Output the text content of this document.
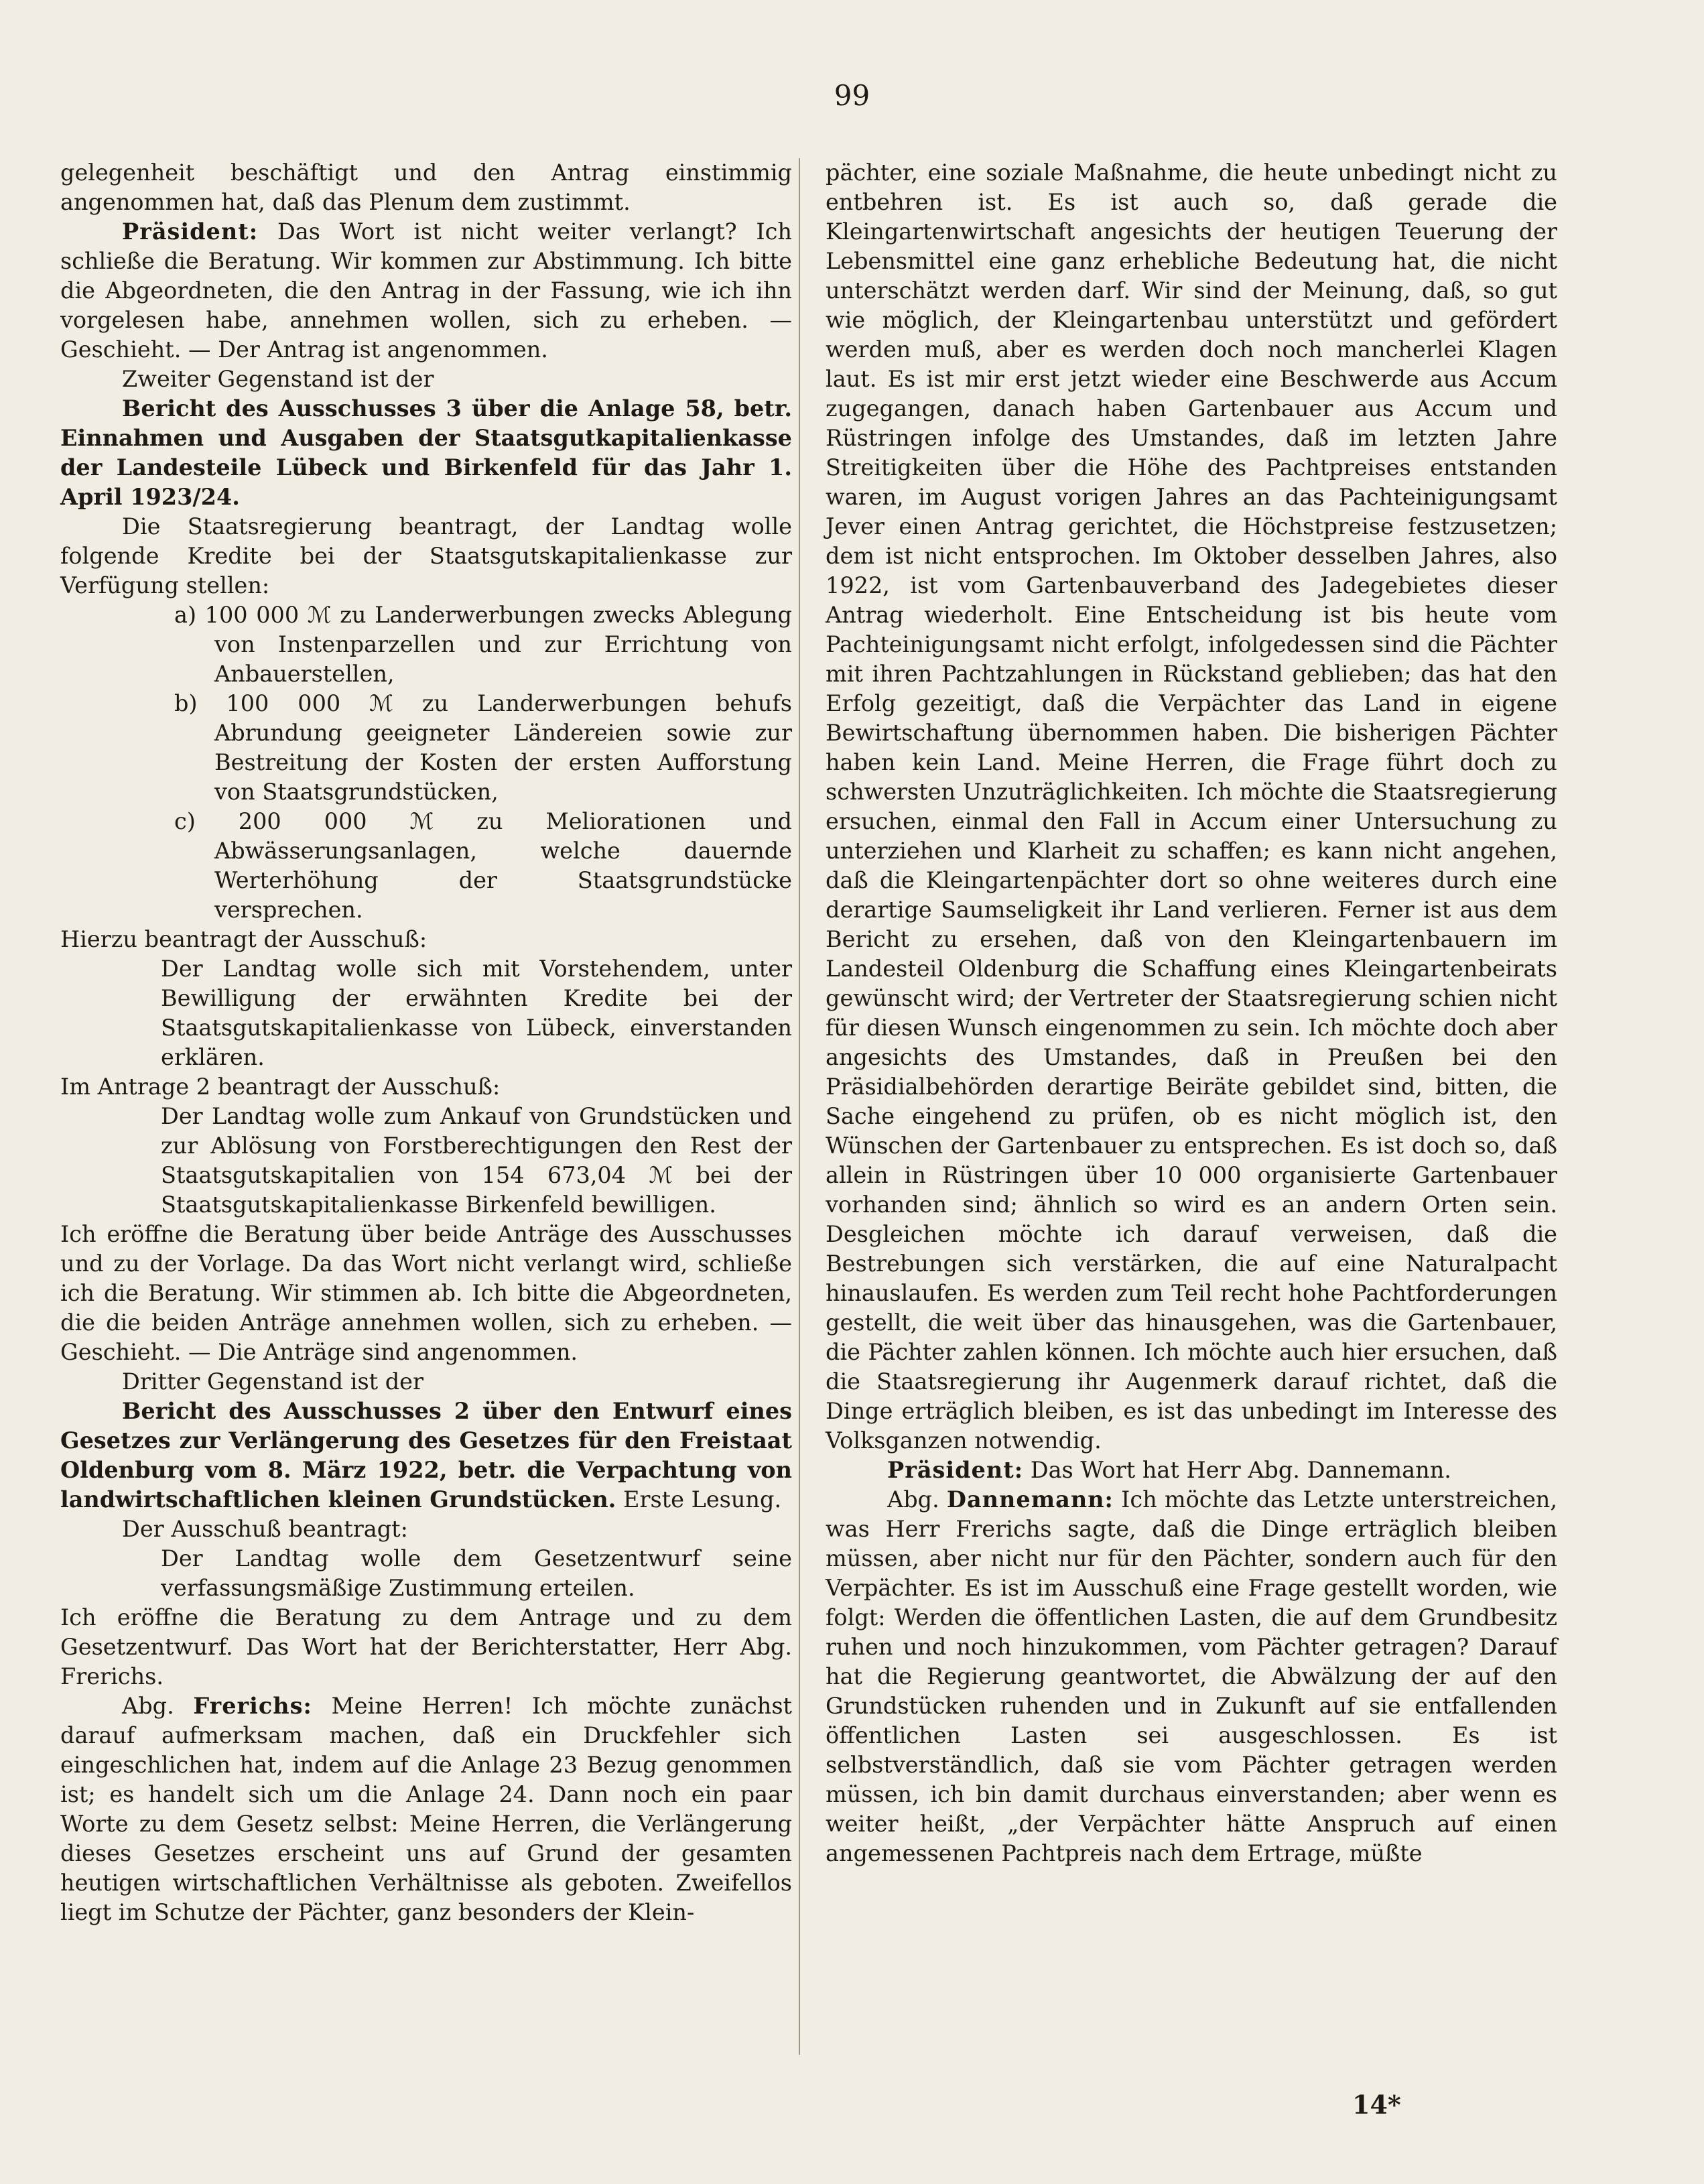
99

gelegenheit beschäftigt und den Antrag einstimmig angenommen hat, daß das Plenum dem zustimmt.

Präsident: Das Wort ist nicht weiter verlangt? Ich schließe die Beratung. Wir kommen zur Abstimmung. Ich bitte die Abgeordneten, die den Antrag in der Fassung, wie ich ihn vorgelesen habe, annehmen wollen, sich zu erheben. — Geschieht. — Der Antrag ist angenommen.

Zweiter Gegenstand ist der

Bericht des Ausschusses 3 über die Anlage 58, betr. Einnahmen und Ausgaben der Staatsgutkapitalienkasse der Landesteile Lübeck und Birkenfeld für das Jahr 1. April 1923/24.

Die Staatsregierung beantragt, der Landtag wolle folgende Kredite bei der Staatsgutskapitalienkasse zur Verfügung stellen:

a) 100 000 ℳ zu Landerwerbungen zwecks Ablegung von Instenparzellen und zur Errichtung von Anbauerstellen,

b) 100 000 ℳ zu Landerwerbungen behufs Abrundung geeigneter Ländereien sowie zur Bestreitung der Kosten der ersten Aufforstung von Staatsgrundstücken,

c) 200 000 ℳ zu Meliorationen und Abwässerungsanlagen, welche dauernde Werterhöhung der Staatsgrundstücke versprechen.

Hierzu beantragt der Ausschuß:

Der Landtag wolle sich mit Vorstehendem, unter Bewilligung der erwähnten Kredite bei der Staatsgutskapitalienkasse von Lübeck, einverstanden erklären.

Im Antrage 2 beantragt der Ausschuß:

Der Landtag wolle zum Ankauf von Grundstücken und zur Ablösung von Forstberechtigungen den Rest der Staatsgutskapitalien von 154 673,04 ℳ bei der Staatsgutskapitalienkasse Birkenfeld bewilligen.

Ich eröffne die Beratung über beide Anträge des Ausschusses und zu der Vorlage. Da das Wort nicht verlangt wird, schließe ich die Beratung. Wir stimmen ab. Ich bitte die Abgeordneten, die die beiden Anträge annehmen wollen, sich zu erheben. — Geschieht. — Die Anträge sind angenommen.

Dritter Gegenstand ist der

Bericht des Ausschusses 2 über den Entwurf eines Gesetzes zur Verlängerung des Gesetzes für den Freistaat Oldenburg vom 8. März 1922, betr. die Verpachtung von landwirtschaftlichen kleinen Grundstücken. Erste Lesung.

Der Ausschuß beantragt:

Der Landtag wolle dem Gesetzentwurf seine verfassungsmäßige Zustimmung erteilen.

Ich eröffne die Beratung zu dem Antrage und zu dem Gesetzentwurf. Das Wort hat der Berichterstatter, Herr Abg. Frerichs.

Abg. Frerichs: Meine Herren! Ich möchte zunächst darauf aufmerksam machen, daß ein Druckfehler sich eingeschlichen hat, indem auf die Anlage 23 Bezug genommen ist; es handelt sich um die Anlage 24. Dann noch ein paar Worte zu dem Gesetz selbst: Meine Herren, die Verlängerung dieses Gesetzes erscheint uns auf Grund der gesamten heutigen wirtschaftlichen Verhältnisse als geboten. Zweifellos liegt im Schutze der Pächter, ganz besonders der Klein-

pächter, eine soziale Maßnahme, die heute unbedingt nicht zu entbehren ist. Es ist auch so, daß gerade die Kleingartenwirtschaft angesichts der heutigen Teuerung der Lebensmittel eine ganz erhebliche Bedeutung hat, die nicht unterschätzt werden darf. Wir sind der Meinung, daß, so gut wie möglich, der Kleingartenbau unterstützt und gefördert werden muß, aber es werden doch noch mancherlei Klagen laut. Es ist mir erst jetzt wieder eine Beschwerde aus Accum zugegangen, danach haben Gartenbauer aus Accum und Rüstringen infolge des Umstandes, daß im letzten Jahre Streitigkeiten über die Höhe des Pachtpreises entstanden waren, im August vorigen Jahres an das Pachteinigungsamt Jever einen Antrag gerichtet, die Höchstpreise festzusetzen; dem ist nicht entsprochen. Im Oktober desselben Jahres, also 1922, ist vom Gartenbauverband des Jadegebietes dieser Antrag wiederholt. Eine Entscheidung ist bis heute vom Pachteinigungsamt nicht erfolgt, infolgedessen sind die Pächter mit ihren Pachtzahlungen in Rückstand geblieben; das hat den Erfolg gezeitigt, daß die Verpächter das Land in eigene Bewirtschaftung übernommen haben. Die bisherigen Pächter haben kein Land. Meine Herren, die Frage führt doch zu schwersten Unzuträglichkeiten. Ich möchte die Staatsregierung ersuchen, einmal den Fall in Accum einer Untersuchung zu unterziehen und Klarheit zu schaffen; es kann nicht angehen, daß die Kleingartenpächter dort so ohne weiteres durch eine derartige Saumseligkeit ihr Land verlieren. Ferner ist aus dem Bericht zu ersehen, daß von den Kleingartenbauern im Landesteil Oldenburg die Schaffung eines Kleingartenbeirats gewünscht wird; der Vertreter der Staatsregierung schien nicht für diesen Wunsch eingenommen zu sein. Ich möchte doch aber angesichts des Umstandes, daß in Preußen bei den Präsidialbehörden derartige Beiräte gebildet sind, bitten, die Sache eingehend zu prüfen, ob es nicht möglich ist, den Wünschen der Gartenbauer zu entsprechen. Es ist doch so, daß allein in Rüstringen über 10 000 organisierte Gartenbauer vorhanden sind; ähnlich so wird es an andern Orten sein. Desgleichen möchte ich darauf verweisen, daß die Bestrebungen sich verstärken, die auf eine Naturalpacht hinauslaufen. Es werden zum Teil recht hohe Pachtforderungen gestellt, die weit über das hinausgehen, was die Gartenbauer, die Pächter zahlen können. Ich möchte auch hier ersuchen, daß die Staatsregierung ihr Augenmerk darauf richtet, daß die Dinge erträglich bleiben, es ist das unbedingt im Interesse des Volksganzen notwendig.

Präsident: Das Wort hat Herr Abg. Dannemann.

Abg. Dannemann: Ich möchte das Letzte unterstreichen, was Herr Frerichs sagte, daß die Dinge erträglich bleiben müssen, aber nicht nur für den Pächter, sondern auch für den Verpächter. Es ist im Ausschuß eine Frage gestellt worden, wie folgt: Werden die öffentlichen Lasten, die auf dem Grundbesitz ruhen und noch hinzukommen, vom Pächter getragen? Darauf hat die Regierung geantwortet, die Abwälzung der auf den Grundstücken ruhenden und in Zukunft auf sie entfallenden öffentlichen Lasten sei ausgeschlossen. Es ist selbstverständlich, daß sie vom Pächter getragen werden müssen, ich bin damit durchaus einverstanden; aber wenn es weiter heißt, „der Verpächter hätte Anspruch auf einen angemessenen Pachtpreis nach dem Ertrage, müßte

14*
